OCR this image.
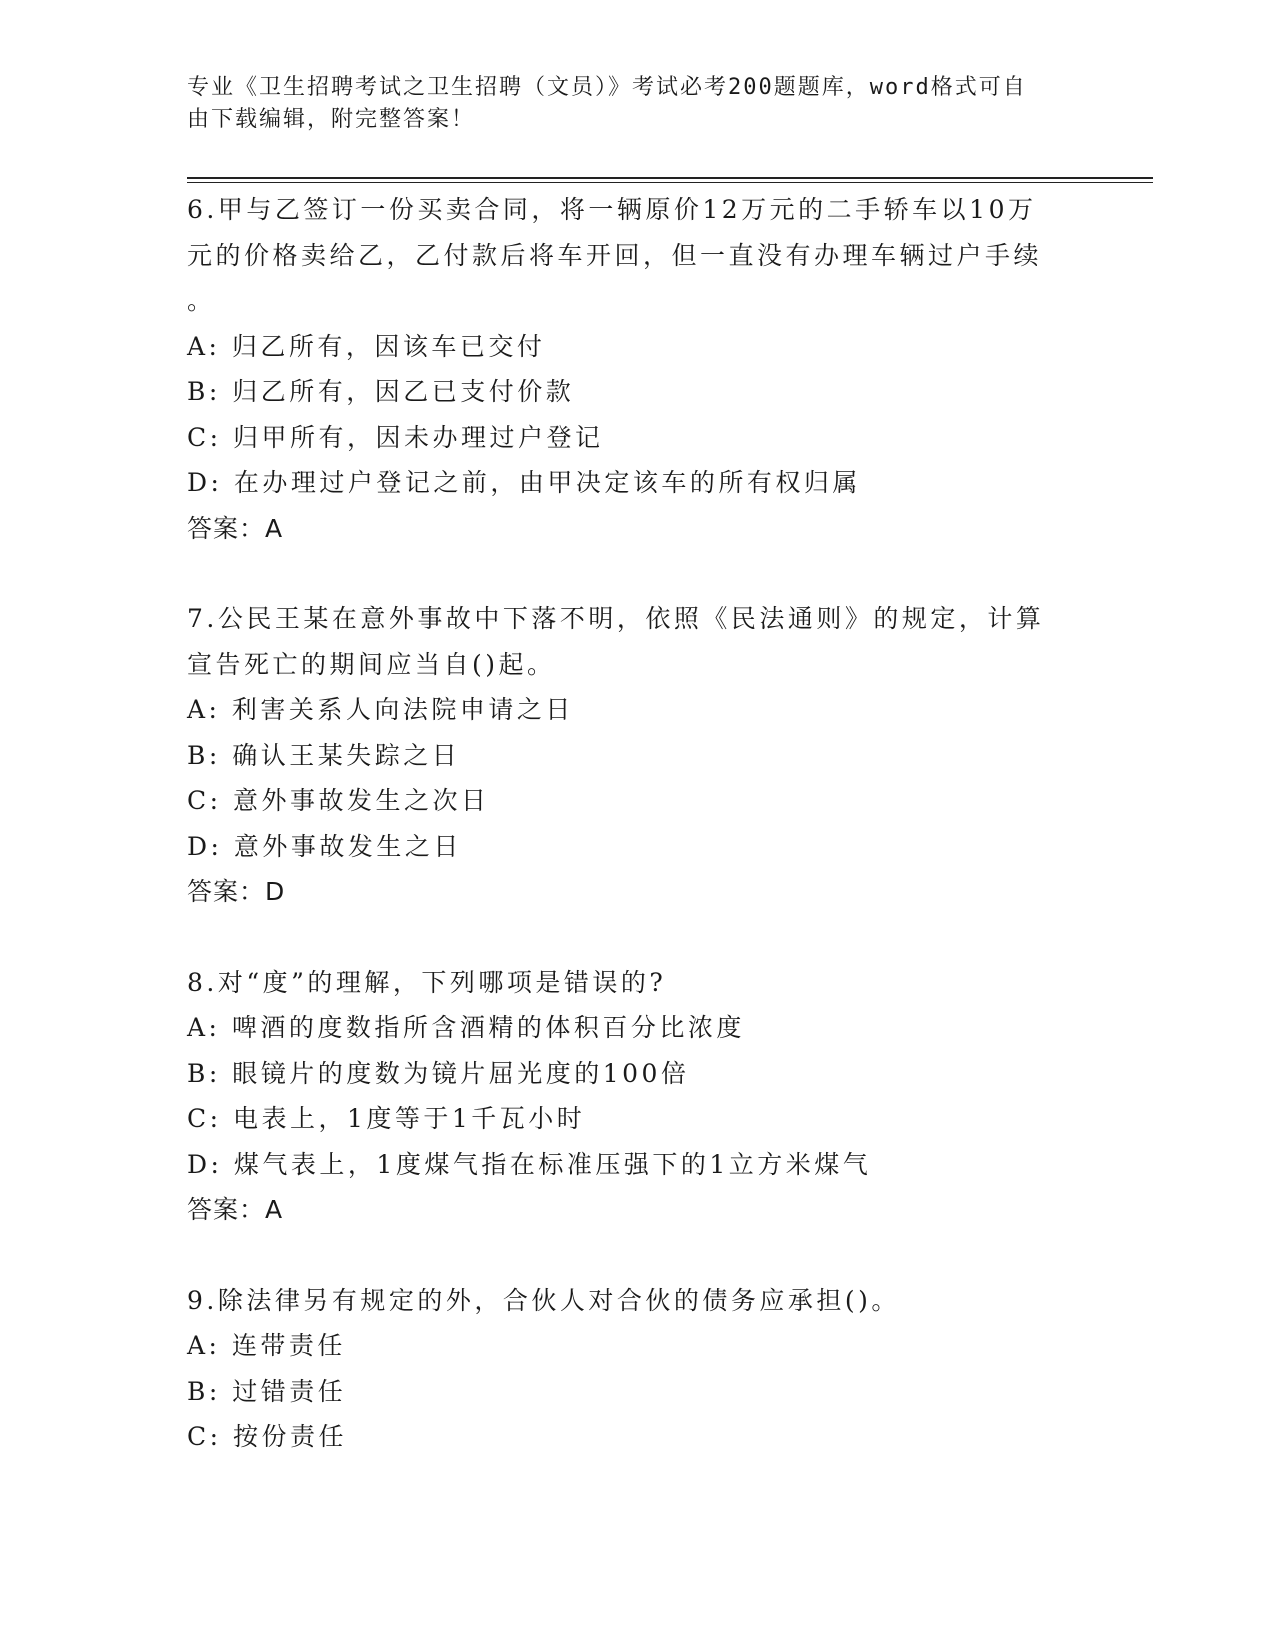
专业《卫生招聘考试之卫生招聘（文员）》考试必考200题题库，word格式可自
由下载编辑，附完整答案！
6.甲与乙签订一份买卖合同，将一辆原价12万元的二手轿车以10万
元的价格卖给乙，乙付款后将车开回，但一直没有办理车辆过户手续
。
A: 归乙所有，因该车已交付
B: 归乙所有，因乙已支付价款
C: 归甲所有，因未办理过户登记
D: 在办理过户登记之前，由甲决定该车的所有权归属
答案：A
7.公民王某在意外事故中下落不明，依照《民法通则》的规定，计算
宣告死亡的期间应当自()起。
A: 利害关系人向法院申请之日
B: 确认王某失踪之日
C: 意外事故发生之次日
D: 意外事故发生之日
答案：D
8.对“度”的理解，下列哪项是错误的?
A: 啤酒的度数指所含酒精的体积百分比浓度
B: 眼镜片的度数为镜片屈光度的100倍
C: 电表上，1度等于1千瓦小时
D: 煤气表上，1度煤气指在标准压强下的1立方米煤气
答案：A
9.除法律另有规定的外，合伙人对合伙的债务应承担()。
A: 连带责任
B: 过错责任
C: 按份责任
